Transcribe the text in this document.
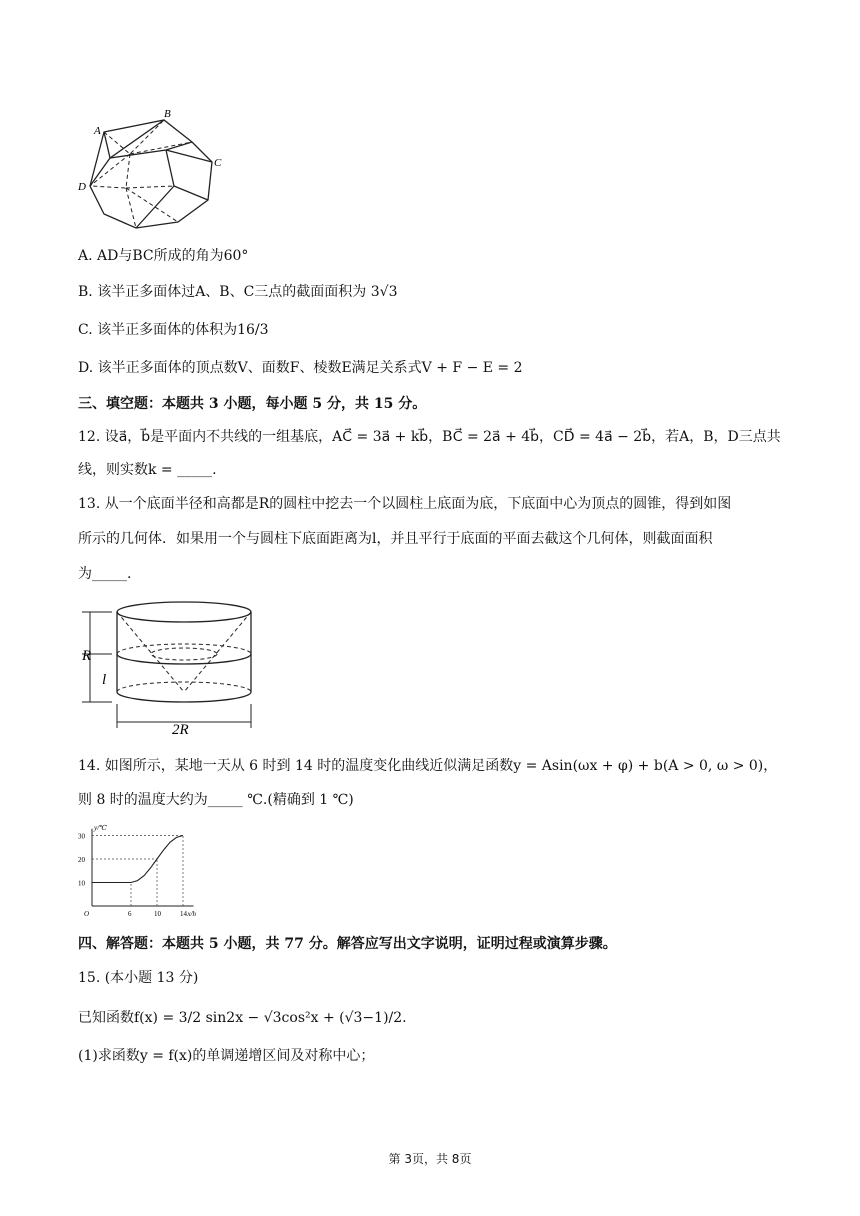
A
B
C
D
A. AD与BC所成的角为60°
B. 该半正多面体过A、B、C三点的截面面积为 3√3
C. 该半正多面体的体积为16/3
D. 该半正多面体的顶点数V、面数F、棱数E满足关系式V + F − E = 2
三、填空题：本题共 3 小题，每小题 5 分，共 15 分。
12. 设a⃗，b⃗是平面内不共线的一组基底，AC⃗ = 3a⃗ + kb⃗，BC⃗ = 2a⃗ + 4b⃗，CD⃗ = 4a⃗ − 2b⃗，若A，B，D三点共
线，则实数k = _____.
13. 从一个底面半径和高都是R的圆柱中挖去一个以圆柱上底面为底，下底面中心为顶点的圆锥，得到如图
所示的几何体．如果用一个与圆柱下底面距离为l，并且平行于底面的平面去截这个几何体，则截面面积
为_____.
R
l
2R
14. 如图所示，某地一天从 6 时到 14 时的温度变化曲线近似满足函数y = Asin(ωx + φ) + b(A > 0, ω > 0)，
则 8 时的温度大约为_____ ℃.(精确到 1 ℃)
10
20
30
6	10	14
O	x/h
y/℃
四、解答题：本题共 5 小题，共 77 分。解答应写出文字说明，证明过程或演算步骤。
15. (本小题 13 分)
已知函数f(x) = 3/2 sin2x − √3cos²x + (√3−1)/2.
(1)求函数y = f(x)的单调递增区间及对称中心；
第 3页，共 8页
